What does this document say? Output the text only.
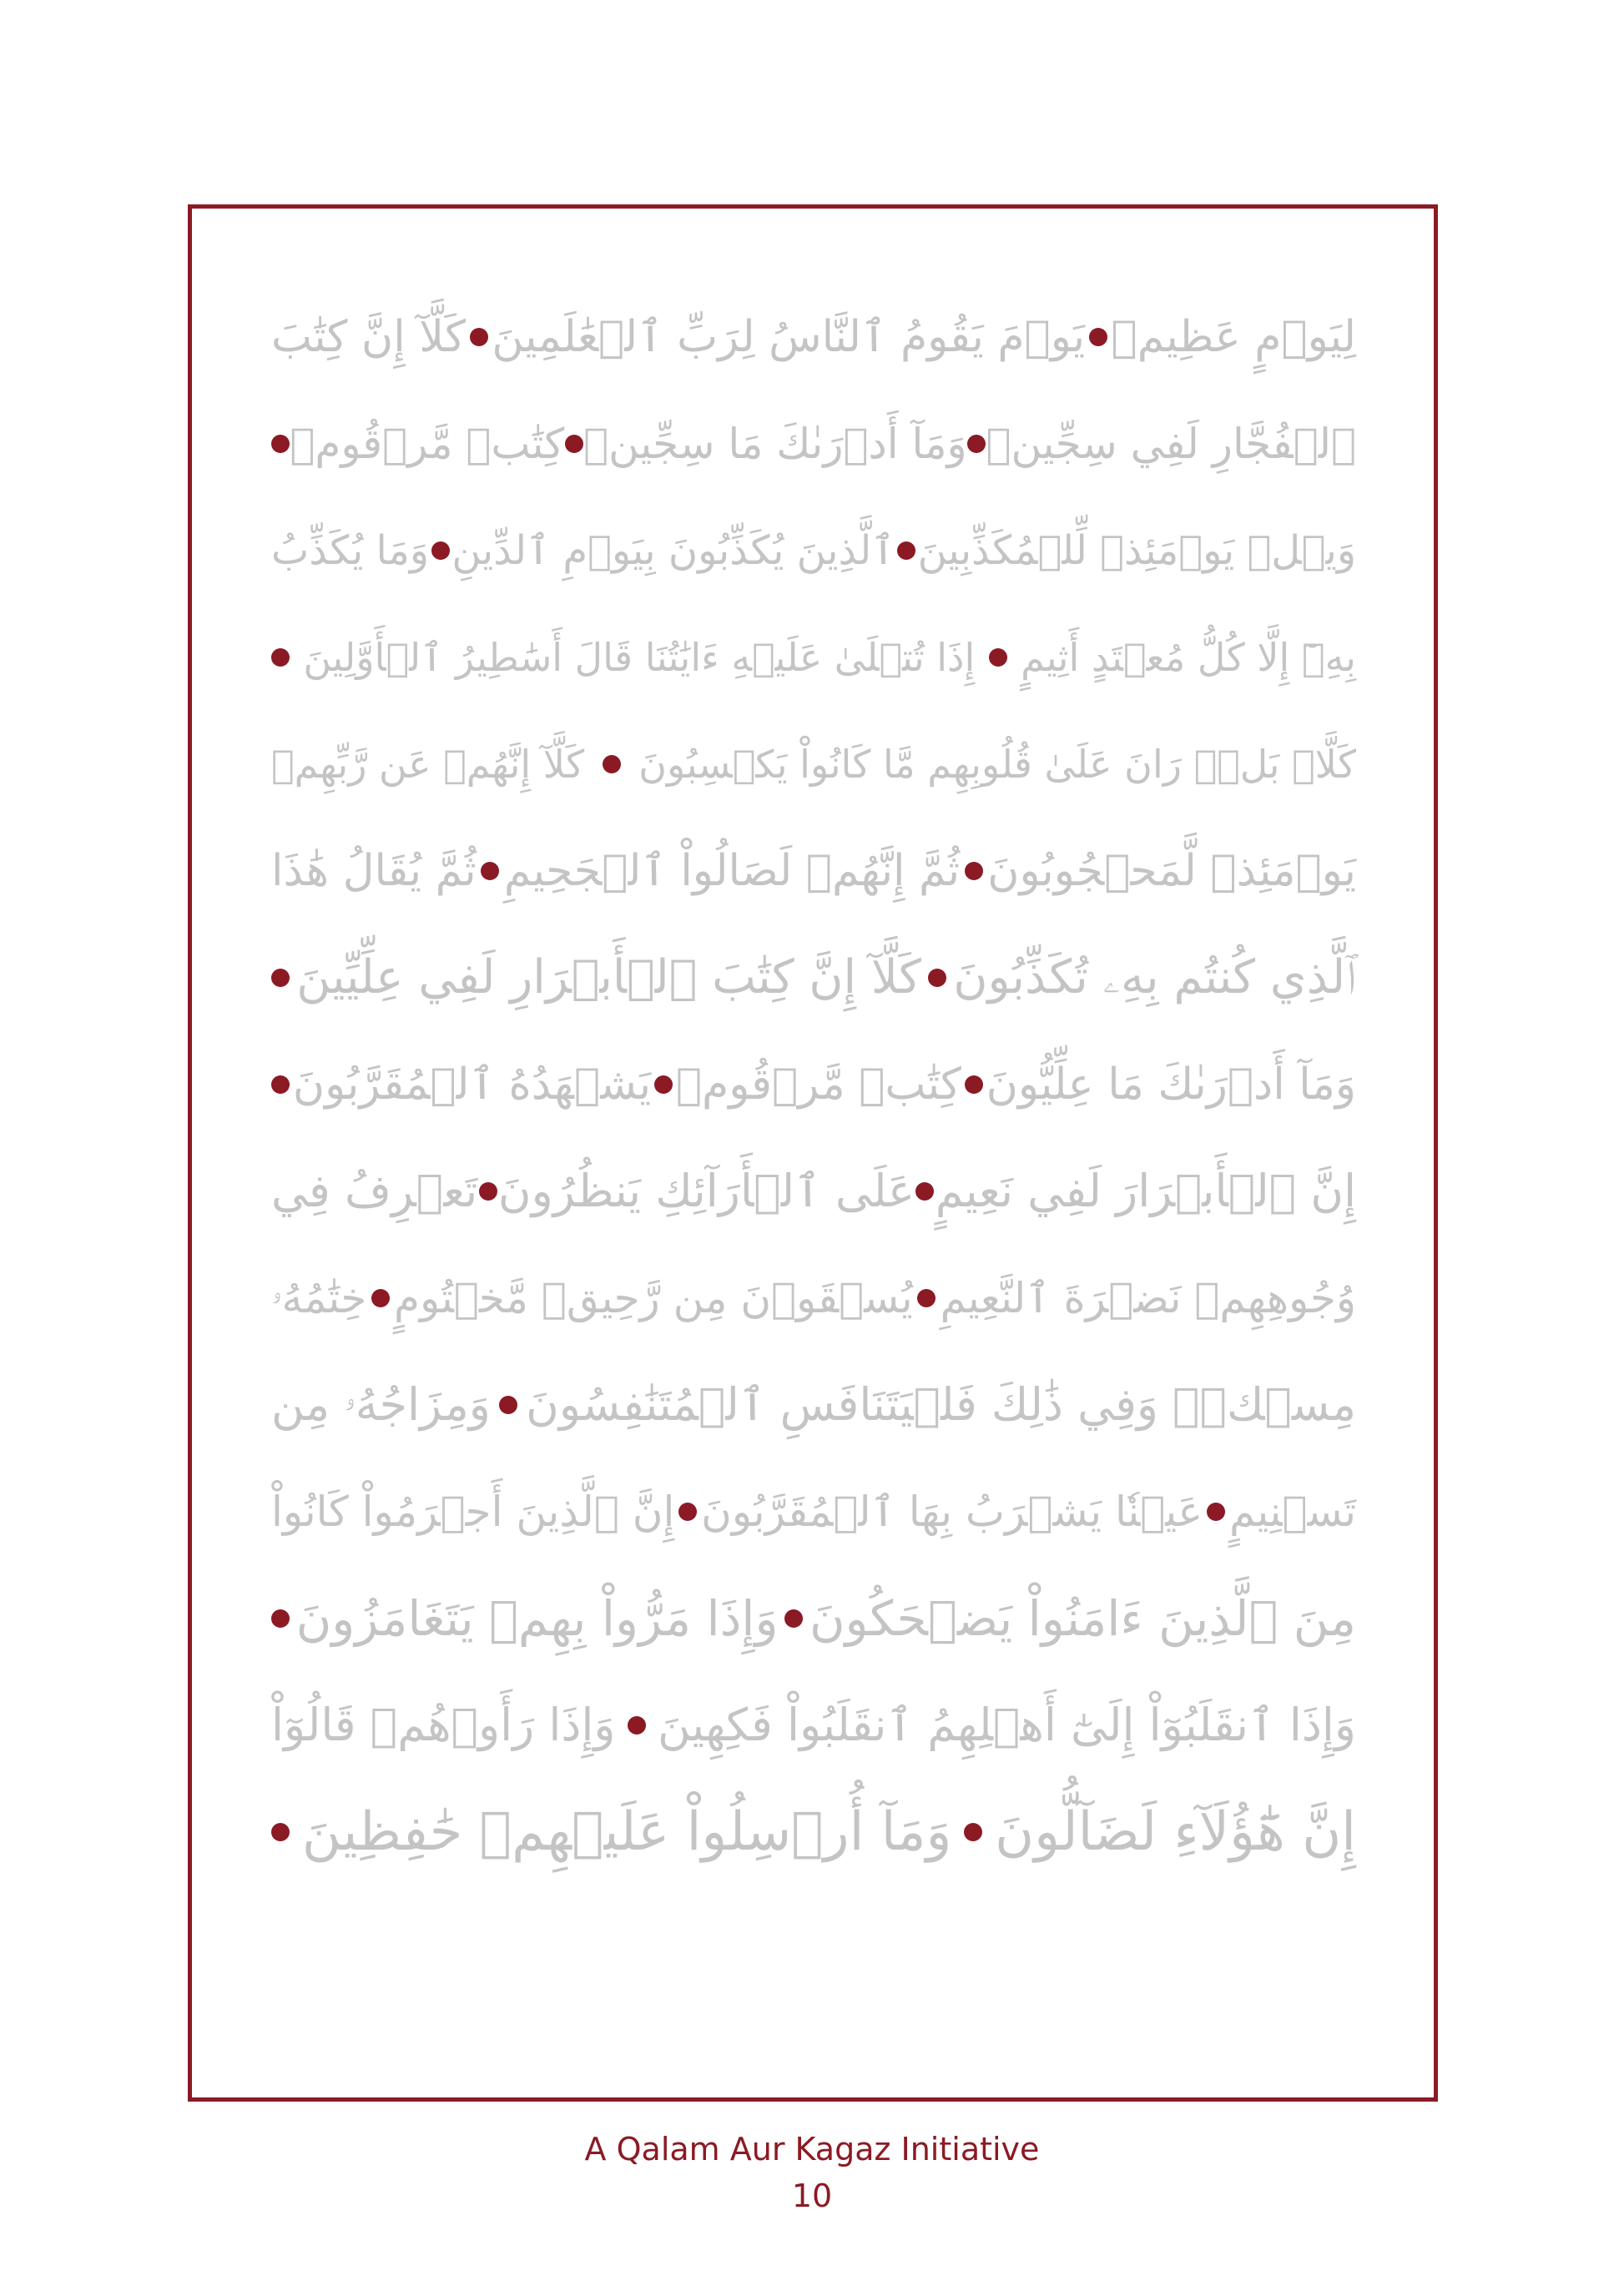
لِيَوۡمٍ عَظِيمٖ
يَوۡمَ يَقُومُ ٱلنَّاسُ لِرَبِّ ٱلۡعَٰلَمِينَ
كَلَّآ إِنَّ كِتَٰبَ
ٱلۡفُجَّارِ لَفِي سِجِّينٖ
وَمَآ أَدۡرَىٰكَ مَا سِجِّينٞ
كِتَٰبٞ مَّرۡقُومٞ
وَيۡلٞ يَوۡمَئِذٖ لِّلۡمُكَذِّبِينَ
ٱلَّذِينَ يُكَذِّبُونَ بِيَوۡمِ ٱلدِّينِ
وَمَا يُكَذِّبُ
بِهِۦٓ إِلَّا كُلُّ مُعۡتَدٍ أَثِيمٍ
إِذَا تُتۡلَىٰ عَلَيۡهِ ءَايَٰتُنَا قَالَ أَسَٰطِيرُ ٱلۡأَوَّلِينَ
كَلَّاۖ بَلۡۜ رَانَ عَلَىٰ قُلُوبِهِم مَّا كَانُواْ يَكۡسِبُونَ
كَلَّآ إِنَّهُمۡ عَن رَّبِّهِمۡ
يَوۡمَئِذٖ لَّمَحۡجُوبُونَ
ثُمَّ إِنَّهُمۡ لَصَالُواْ ٱلۡجَحِيمِ
ثُمَّ يُقَالُ هَٰذَا
ٱلَّذِي كُنتُم بِهِۦ تُكَذِّبُونَ
كَلَّآ إِنَّ كِتَٰبَ ٱلۡأَبۡرَارِ لَفِي عِلِّيِّينَ
وَمَآ أَدۡرَىٰكَ مَا عِلِّيُّونَ
كِتَٰبٞ مَّرۡقُومٞ
يَشۡهَدُهُ ٱلۡمُقَرَّبُونَ
إِنَّ ٱلۡأَبۡرَارَ لَفِي نَعِيمٍ
عَلَى ٱلۡأَرَآئِكِ يَنظُرُونَ
تَعۡرِفُ فِي
وُجُوهِهِمۡ نَضۡرَةَ ٱلنَّعِيمِ
يُسۡقَوۡنَ مِن رَّحِيقٖ مَّخۡتُومٍ
خِتَٰمُهُۥ
مِسۡكٞۚ وَفِي ذَٰلِكَ فَلۡيَتَنَافَسِ ٱلۡمُتَنَٰفِسُونَ
وَمِزَاجُهُۥ مِن
تَسۡنِيمٍ
عَيۡنٗا يَشۡرَبُ بِهَا ٱلۡمُقَرَّبُونَ
إِنَّ ٱلَّذِينَ أَجۡرَمُواْ كَانُواْ
مِنَ ٱلَّذِينَ ءَامَنُواْ يَضۡحَكُونَ
وَإِذَا مَرُّواْ بِهِمۡ يَتَغَامَزُونَ
وَإِذَا ٱنقَلَبُوٓاْ إِلَىٰٓ أَهۡلِهِمُ ٱنقَلَبُواْ فَكِهِينَ
وَإِذَا رَأَوۡهُمۡ قَالُوٓاْ
إِنَّ هَٰٓؤُلَآءِ لَضَآلُّونَ
وَمَآ أُرۡسِلُواْ عَلَيۡهِمۡ حَٰفِظِينَ
A Qalam Aur Kagaz Initiative
10
